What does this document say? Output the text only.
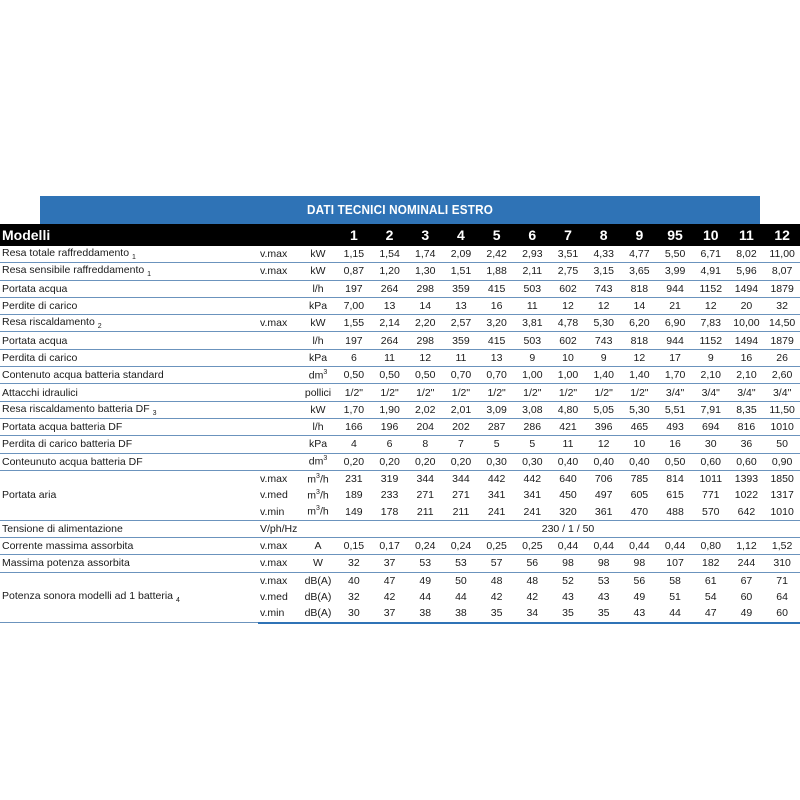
DATI TECNICI NOMINALI ESTRO
Modelli			1	2	3	4	5	6	7	8	9	95	10	11	12
Resa totale raffreddamento $_1$	v.max	kW	1,15	1,54	1,74	2,09	2,42	2,93	3,51	4,33	4,77	5,50	6,71	8,02	11,00
Resa sensibile raffreddamento $_1$	v.max	kW	0,87	1,20	1,30	1,51	1,88	2,11	2,75	3,15	3,65	3,99	4,91	5,96	8,07
Portata acqua		l/h	197	264	298	359	415	503	602	743	818	944	1152	1494	1879
Perdite di carico		kPa	7,00	13	14	13	16	11	12	12	14	21	12	20	32
Resa riscaldamento $_2$	v.max	kW	1,55	2,14	2,20	2,57	3,20	3,81	4,78	5,30	6,20	6,90	7,83	10,00	14,50
Portata acqua		l/h	197	264	298	359	415	503	602	743	818	944	1152	1494	1879
Perdita di carico		kPa	6	11	12	11	13	9	10	9	12	17	9	16	26
Contenuto acqua batteria standard		$dm^3$	0,50	0,50	0,50	0,70	0,70	1,00	1,00	1,40	1,40	1,70	2,10	2,10	2,60
Attacchi idraulici		pollici	1/2"	1/2"	1/2"	1/2"	1/2"	1/2"	1/2"	1/2"	1/2"	3/4"	3/4"	3/4"	3/4"
Resa riscaldamento batteria DF $_3$		kW	1,70	1,90	2,02	2,01	3,09	3,08	4,80	5,05	5,30	5,51	7,91	8,35	11,50
Portata acqua batteria DF		l/h	166	196	204	202	287	286	421	396	465	493	694	816	1010
Perdita di carico batteria DF		kPa	4	6	8	7	5	5	11	12	10	16	30	36	50
Conteunuto acqua batteria DF		$dm^3$	0,20	0,20	0,20	0,20	0,30	0,30	0,40	0,40	0,40	0,50	0,60	0,60	0,90
Portata aria	v.max	$m^3/h$	231	319	344	344	442	442	640	706	785	814	1011	1393	1850
	v.med	$m^3/h$	189	233	271	271	341	341	450	497	605	615	771	1022	1317
	v.min	$m^3/h$	149	178	211	211	241	241	320	361	470	488	570	642	1010
Tensione di alimentazione	V/ph/Hz		230 / 1 / 50												
Corrente massima assorbita	v.max	A	0,15	0,17	0,24	0,24	0,25	0,25	0,44	0,44	0,44	0,44	0,80	1,12	1,52
Massima potenza assorbita	v.max	W	32	37	53	53	57	56	98	98	98	107	182	244	310
Potenza sonora modelli ad 1 batteria $_4$	v.max	dB(A)	40	47	49	50	48	48	52	53	56	58	61	67	71
	v.med	dB(A)	32	42	44	44	42	42	43	43	49	51	54	60	64
	v.min	dB(A)	30	37	38	38	35	34	35	35	43	44	47	49	60
